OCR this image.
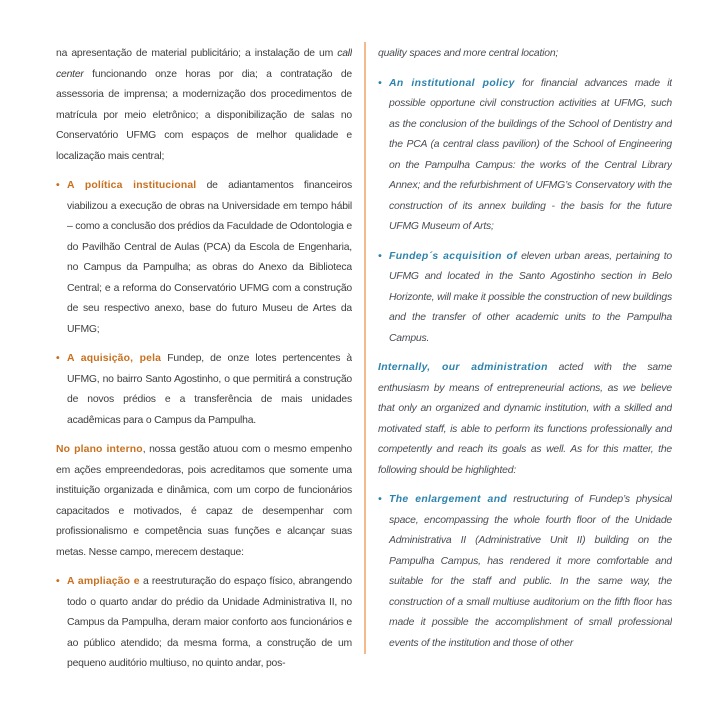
na apresentação de material publicitário; a instalação de um call center funcionando onze horas por dia; a contratação de assessoria de imprensa; a modernização dos procedimentos de matrícula por meio eletrônico; a disponibilização de salas no Conservatório UFMG com espaços de melhor qualidade e localização mais central;

• A política institucional de adiantamentos financeiros viabilizou a execução de obras na Universidade em tempo hábil – como a conclusão dos prédios da Faculdade de Odontologia e do Pavilhão Central de Aulas (PCA) da Escola de Engenharia, no Campus da Pampulha; as obras do Anexo da Biblioteca Central; e a reforma do Conservatório UFMG com a construção de seu respectivo anexo, base do futuro Museu de Artes da UFMG;

• A aquisição, pela Fundep, de onze lotes pertencentes à UFMG, no bairro Santo Agostinho, o que permitirá a construção de novos prédios e a transferência de mais unidades acadêmicas para o Campus da Pampulha.

No plano interno, nossa gestão atuou com o mesmo empenho em ações empreendedoras, pois acreditamos que somente uma instituição organizada e dinâmica, com um corpo de funcionários capacitados e motivados, é capaz de desempenhar com profissionalismo e competência suas funções e alcançar suas metas. Nesse campo, merecem destaque:

• A ampliação e a reestruturação do espaço físico, abrangendo todo o quarto andar do prédio da Unidade Administrativa II, no Campus da Pampulha, deram maior conforto aos funcionários e ao público atendido; da mesma forma, a construção de um pequeno auditório multiuso, no quinto andar, pos-

quality spaces and more central location;

• An institutional policy for financial advances made it possible opportune civil construction activities at UFMG, such as the conclusion of the buildings of the School of Dentistry and the PCA (a central class pavilion) of the School of Engineering on the Pampulha Campus: the works of the Central Library Annex; and the refurbishment of UFMG’s Conservatory with the construction of its annex building - the basis for the future UFMG Museum of Arts;

• Fundep´s acquisition of eleven urban areas, pertaining to UFMG and located in the Santo Agostinho section in Belo Horizonte, will make it possible the construction of new buildings and the transfer of other academic units to the Pampulha Campus.

Internally, our administration acted with the same enthusiasm by means of entrepreneurial actions, as we believe that only an organized and dynamic institution, with a skilled and motivated staff, is able to perform its functions professionally and competently and reach its goals as well. As for this matter, the following should be highlighted:

• The enlargement and restructuring of Fundep’s physical space, encompassing the whole fourth floor of the Unidade Administrativa II (Administrative Unit II) building on the Pampulha Campus, has rendered it more comfortable and suitable for the staff and public. In the same way, the construction of a small multiuse auditorium on the fifth floor has made it possible the accomplishment of small professional events of the institution and those of other
